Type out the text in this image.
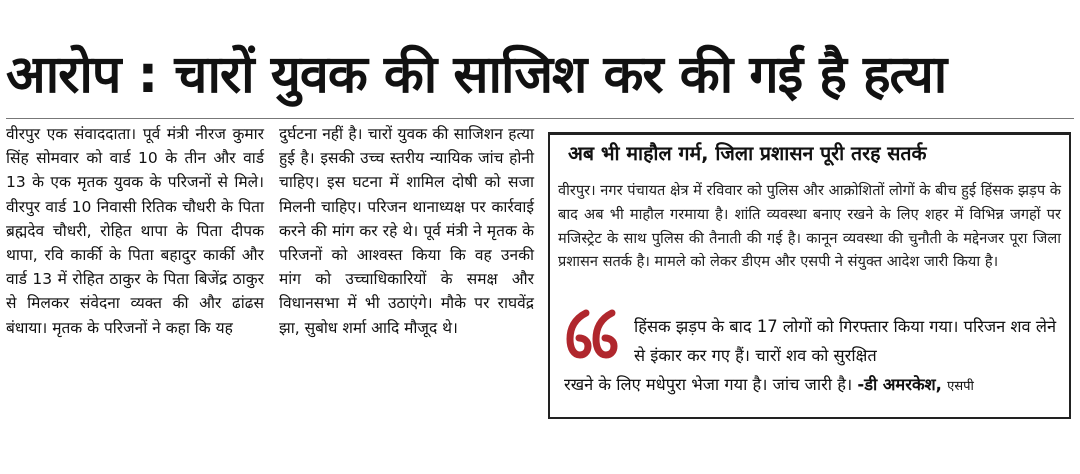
आरोप : चारों युवक की साजिश कर की गई है हत्या
वीरपुर एक संवाददाता। पूर्व मंत्री नीरज कुमार सिंह सोमवार को वार्ड 10 के तीन और वार्ड 13 के एक मृतक युवक के परिजनों से मिले। वीरपुर वार्ड 10 निवासी रितिक चौधरी के पिता ब्रह्मदेव चौधरी, रोहित थापा के पिता दीपक थापा, रवि कार्की के पिता बहादुर कार्की और वार्ड 13 में रोहित ठाकुर के पिता बिजेंद्र ठाकुर से मिलकर संवेदना व्यक्त की और ढांढस बंधाया। मृतक के परिजनों ने कहा कि यह
दुर्घटना नहीं है। चारों युवक की साजिशन हत्या हुई है। इसकी उच्च स्तरीय न्यायिक जांच होनी चाहिए। इस घटना में शामिल दोषी को सजा मिलनी चाहिए। परिजन थानाध्यक्ष पर कार्रवाई करने की मांग कर रहे थे। पूर्व मंत्री ने मृतक के परिजनों को आश्वस्त किया कि वह उनकी मांग को उच्चाधिकारियों के समक्ष और विधानसभा में भी उठाएंगे। मौके पर राघवेंद्र झा, सुबोध शर्मा आदि मौजूद थे।
अब भी माहौल गर्म, जिला प्रशासन पूरी तरह सतर्क
वीरपुर। नगर पंचायत क्षेत्र में रविवार को पुलिस और आक्रोशितों लोगों के बीच हुई हिंसक झड़प के बाद अब भी माहौल गरमाया है। शांति व्यवस्था बनाए रखने के लिए शहर में विभिन्न जगहों पर मजिस्ट्रेट के साथ पुलिस की तैनाती की गई है। कानून व्यवस्था की चुनौती के मद्देनजर पूरा जिला प्रशासन सतर्क है। मामले को लेकर डीएम और एसपी ने संयुक्त आदेश जारी किया है।
हिंसक झड़प के बाद 17 लोगों को गिरफ्तार किया गया। परिजन शव लेने से इंकार कर गए हैं। चारों शव को सुरक्षित
रखने के लिए मधेपुरा भेजा गया है। जांच जारी है। -डी अमरकेश, एसपी
